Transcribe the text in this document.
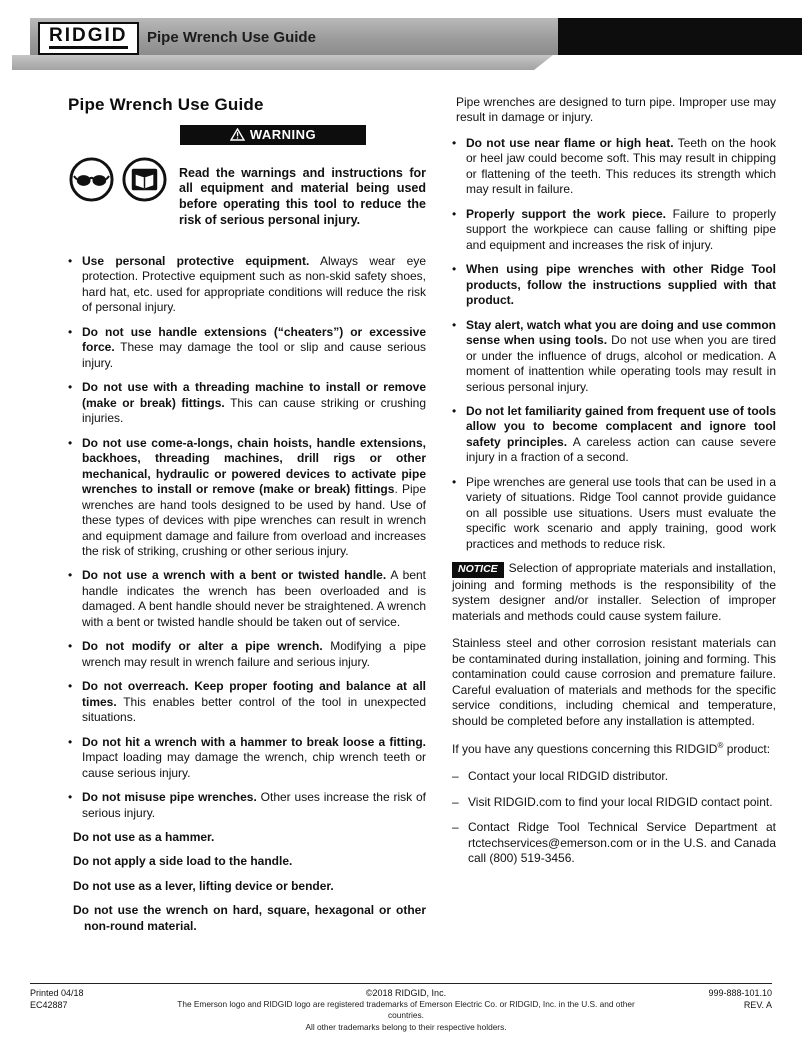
RIDGID	Pipe Wrench Use Guide
Pipe Wrench Use Guide
WARNING

Read the warnings and instructions for all equipment and material being used before operating this tool to reduce the risk of serious personal injury.

• Use personal protective equipment. Always wear eye protection. Protective equipment such as non-skid safety shoes, hard hat, etc. used for appropriate conditions will reduce the risk of personal injury.
• Do not use handle extensions (“cheaters”) or excessive force. These may damage the tool or slip and cause serious injury.
• Do not use with a threading machine to install or remove (make or break) fittings. This can cause striking or crushing injuries.
• Do not use come-a-longs, chain hoists, handle extensions, backhoes, threading machines, drill rigs or other mechanical, hydraulic or powered devices to activate pipe wrenches to install or remove (make or break) fittings. Pipe wrenches are hand tools designed to be used by hand. Use of these types of devices with pipe wrenches can result in wrench and equipment damage and failure from overload and increases the risk of striking, crushing or other serious injury.
• Do not use a wrench with a bent or twisted handle. A bent handle indicates the wrench has been overloaded and is damaged. A bent handle should never be straightened. A wrench with a bent or twisted handle should be taken out of service.
• Do not modify or alter a pipe wrench. Modifying a pipe wrench may result in wrench failure and serious injury.
• Do not overreach. Keep proper footing and balance at all times. This enables better control of the tool in unexpected situations.
• Do not hit a wrench with a hammer to break loose a fitting. Impact loading may damage the wrench, chip wrench teeth or cause serious injury.
• Do not misuse pipe wrenches. Other uses increase the risk of serious injury.
Do not use as a hammer.
Do not apply a side load to the handle.
Do not use as a lever, lifting device or bender.
Do not use the wrench on hard, square, hexagonal or other non-round material.

Pipe wrenches are designed to turn pipe. Improper use may result in damage or injury.

• Do not use near flame or high heat. Teeth on the hook or heel jaw could become soft. This may result in chipping or flattening of the teeth. This reduces its strength which may result in failure.
• Properly support the work piece. Failure to properly support the workpiece can cause falling or shifting pipe and equipment and increases the risk of injury.
• When using pipe wrenches with other Ridge Tool products, follow the instructions supplied with that product.
• Stay alert, watch what you are doing and use common sense when using tools. Do not use when you are tired or under the influence of drugs, alcohol or medication. A moment of inattention while operating tools may result in serious personal injury.
• Do not let familiarity gained from frequent use of tools allow you to become complacent and ignore tool safety principles. A careless action can cause severe injury in a fraction of a second.
• Pipe wrenches are general use tools that can be used in a variety of situations. Ridge Tool cannot provide guidance on all possible use situations. Users must evaluate the specific work scenario and apply training, good work practices and methods to reduce risk.

NOTICE Selection of appropriate materials and installation, joining and forming methods is the responsibility of the system designer and/or installer. Selection of improper materials and methods could cause system failure.

Stainless steel and other corrosion resistant materials can be contaminated during installation, joining and forming. This contamination could cause corrosion and premature failure. Careful evaluation of materials and methods for the specific service conditions, including chemical and temperature, should be completed before any installation is attempted.

If you have any questions concerning this RIDGID® product:

– Contact your local RIDGID distributor.
– Visit RIDGID.com to find your local RIDGID contact point.
– Contact Ridge Tool Technical Service Department at rtctechservices@emerson.com or in the U.S. and Canada call (800) 519-3456.
Printed 04/18
EC42887
©2018 RIDGID, Inc.
The Emerson logo and RIDGID logo are registered trademarks of Emerson Electric Co. or RIDGID, Inc. in the U.S. and other countries.
All other trademarks belong to their respective holders.
999-888-101.10
REV. A
